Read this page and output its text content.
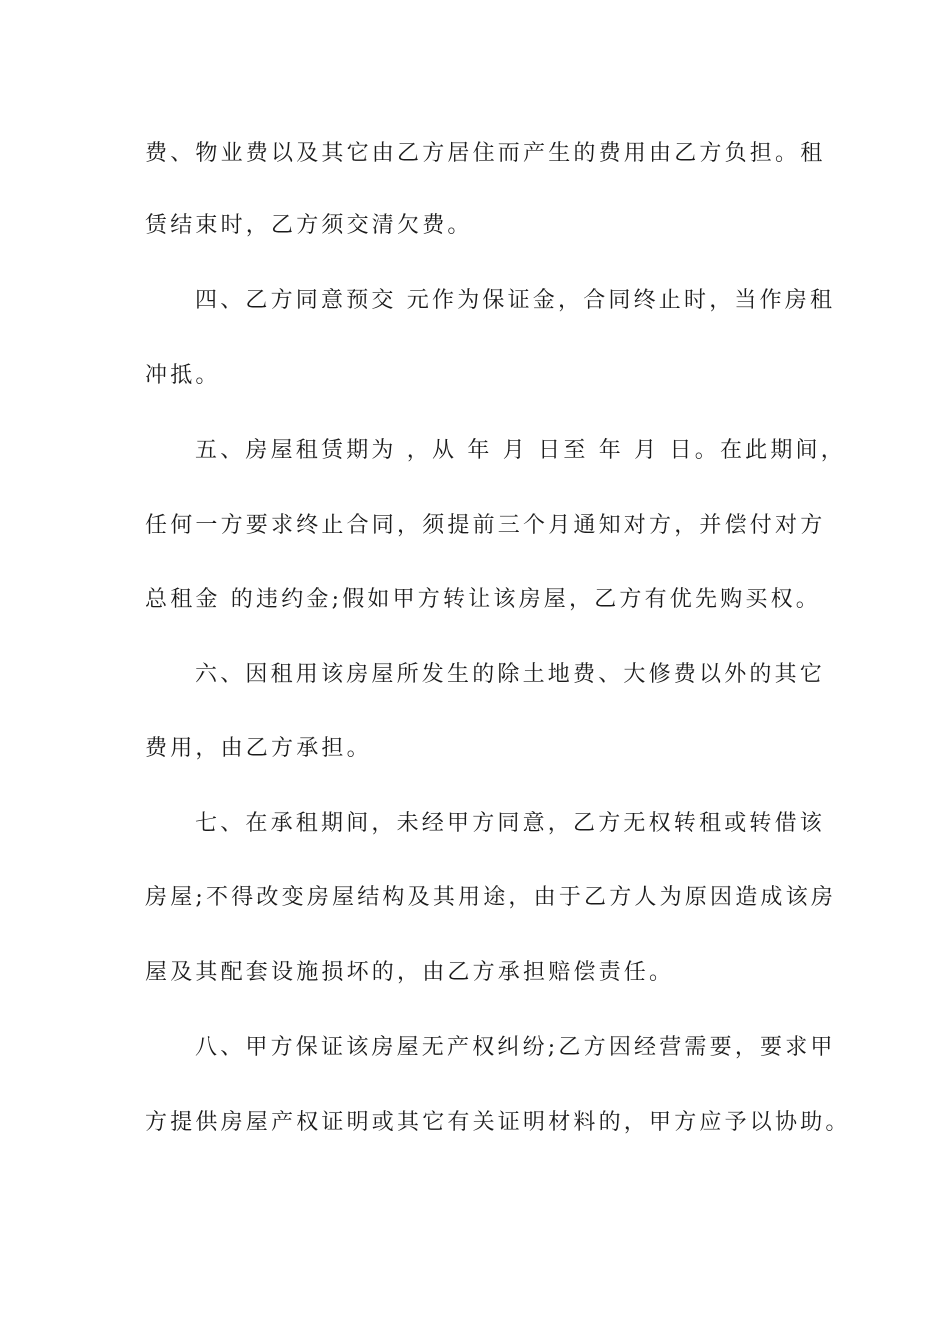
费、物业费以及其它由乙方居住而产生的费用由乙方负担。租
赁结束时，乙方须交清欠费。
四、乙方同意预交 元作为保证金，合同终止时，当作房租
冲抵。
五、房屋租赁期为 ，从 年 月 日至 年 月 日。在此期间，
任何一方要求终止合同，须提前三个月通知对方，并偿付对方
总租金 的违约金;假如甲方转让该房屋，乙方有优先购买权。
六、因租用该房屋所发生的除土地费、大修费以外的其它
费用，由乙方承担。
七、在承租期间，未经甲方同意，乙方无权转租或转借该
房屋;不得改变房屋结构及其用途，由于乙方人为原因造成该房
屋及其配套设施损坏的，由乙方承担赔偿责任。
八、甲方保证该房屋无产权纠纷;乙方因经营需要，要求甲
方提供房屋产权证明或其它有关证明材料的，甲方应予以协助。
